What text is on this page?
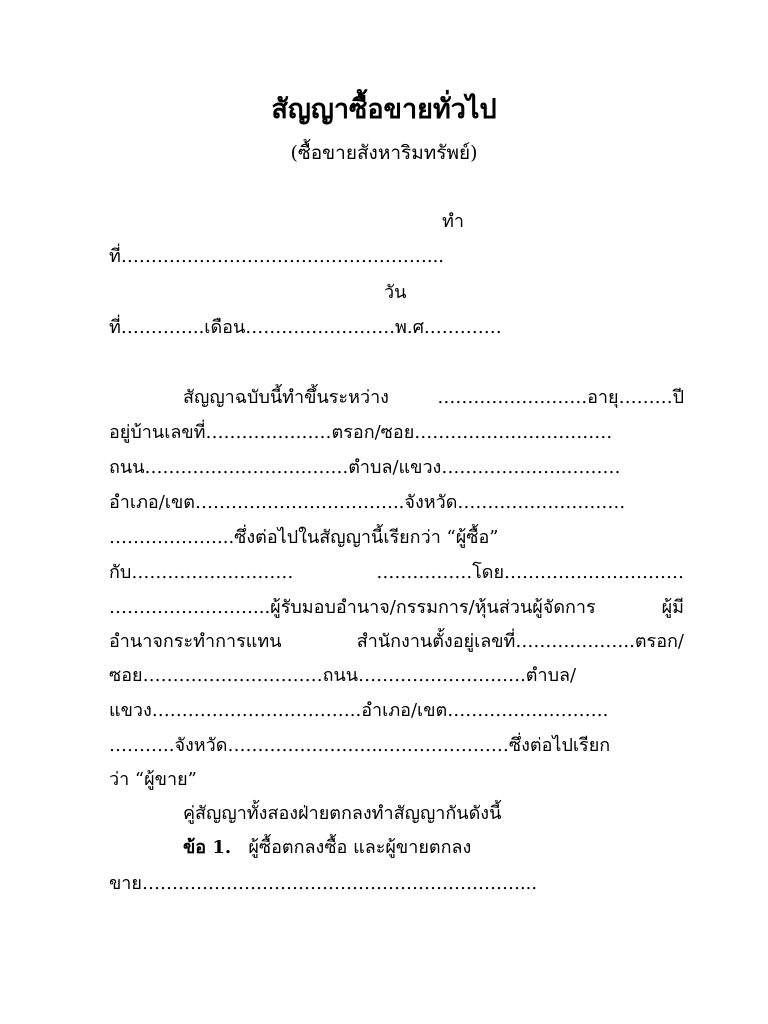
สัญญาซื้อขายทั่วไป
(ซื้อขายสังหาริมทรัพย์)
ทำ
ที่……………………………………………...
วัน
ที่…………..เดือน…………………….พ.ศ.…………
สัญญาฉบับนี้ทำขึ้นระหว่าง …………………….อายุ………ปี
อยู่บ้านเลขที่…………………ตรอก/ซอย……………………………
ถนน…………………………….ตำบล/แขวง…………….…..………
อำเภอ/เขต……………………………..จังหวัด……………………….
………………...ซึ่งต่อไปในสัญญานี้เรียกว่า “ผู้ซื้อ”
กับ……………………… …………….โดย…………………………
……………………...ผู้รับมอบอำนาจ/กรรมการ/หุ้นส่วนผู้จัดการ ผู้มี
อำนาจกระทำการแทน สำนักงานตั้งอยู่เลขที่………………..ตรอก/
ซอย…………………………ถนน……………………….ตำบล/
แขวง……………………………..อำเภอ/เขต……………..……….
………..จังหวัด……………………..…………………ซึ่งต่อไปเรียก
ว่า “ผู้ขาย”
คู่สัญญาทั้งสองฝ่ายตกลงทำสัญญากันดังนี้
ข้อ 1. ผู้ซื้อตกลงซื้อ และผู้ขายตกลง
ขาย………………………………………………………...
